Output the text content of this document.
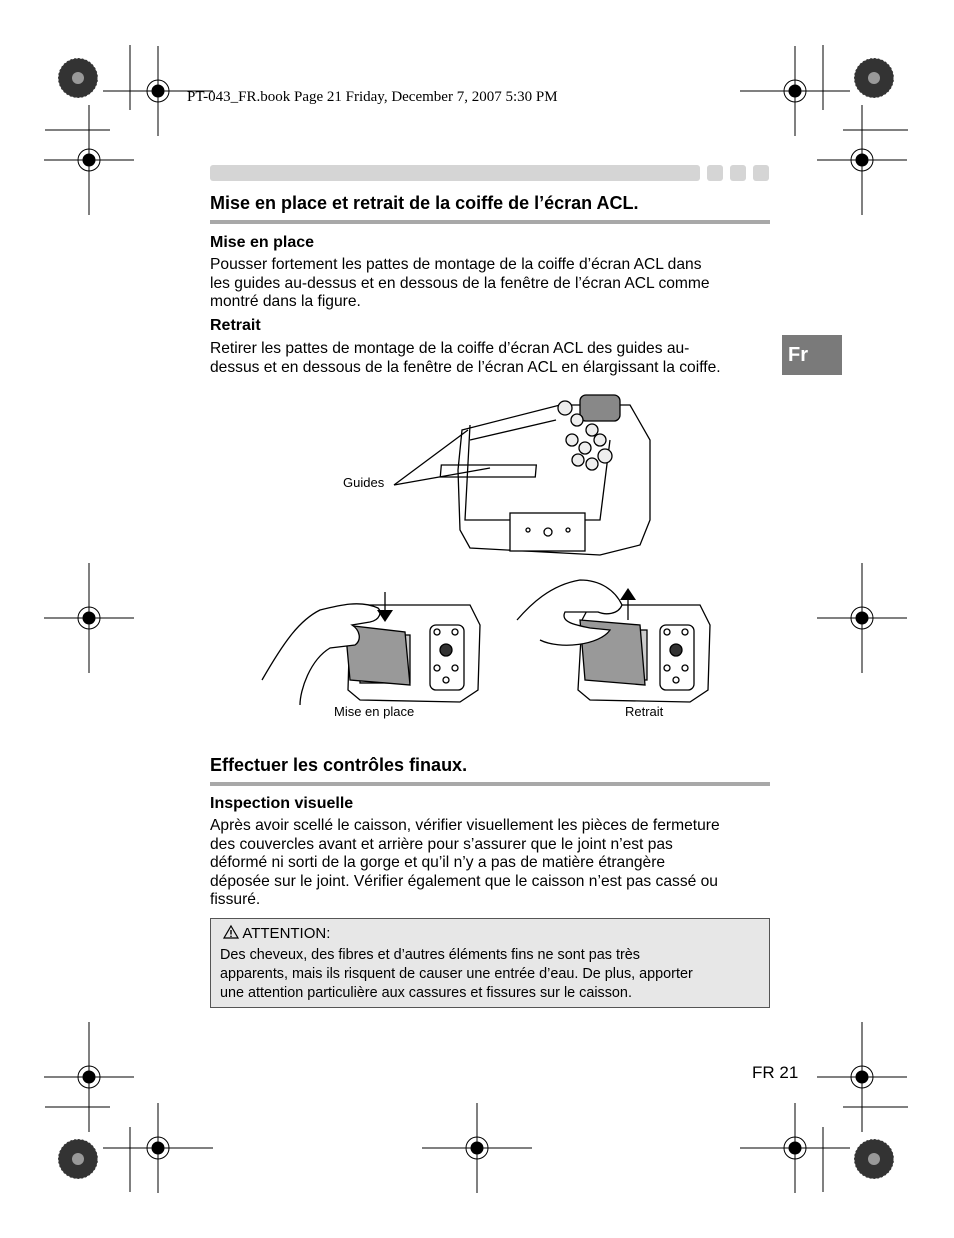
PT-043_FR.book Page 21 Friday, December 7, 2007 5:30 PM
Mise en place et retrait de la coiffe de l’écran ACL.
Mise en place
Pousser fortement les pattes de montage de la coiffe d’écran ACL dans
les guides au-dessus et en dessous de la fenêtre de l’écran ACL comme
montré dans la figure.
Retrait
Retirer les pattes de montage de la coiffe d’écran ACL des guides au-
dessus et en dessous de la fenêtre de l’écran ACL en élargissant la coiffe.
Fr
Guides
Mise en place	Retrait
Effectuer les contrôles finaux.
Inspection visuelle
Après avoir scellé le caisson, vérifier visuellement les pièces de fermeture
des couvercles avant et arrière pour s’assurer que le joint n’est pas
déformé ni sorti de la gorge et qu’il n’y a pas de matière étrangère
déposée sur le joint. Vérifier également que le caisson n’est pas cassé ou
fissuré.
ATTENTION:
Des cheveux, des fibres et d’autres éléments fins ne sont pas très
apparents, mais ils risquent de causer une entrée d’eau. De plus, apporter
une attention particulière aux cassures et fissures sur le caisson.
FR 21
